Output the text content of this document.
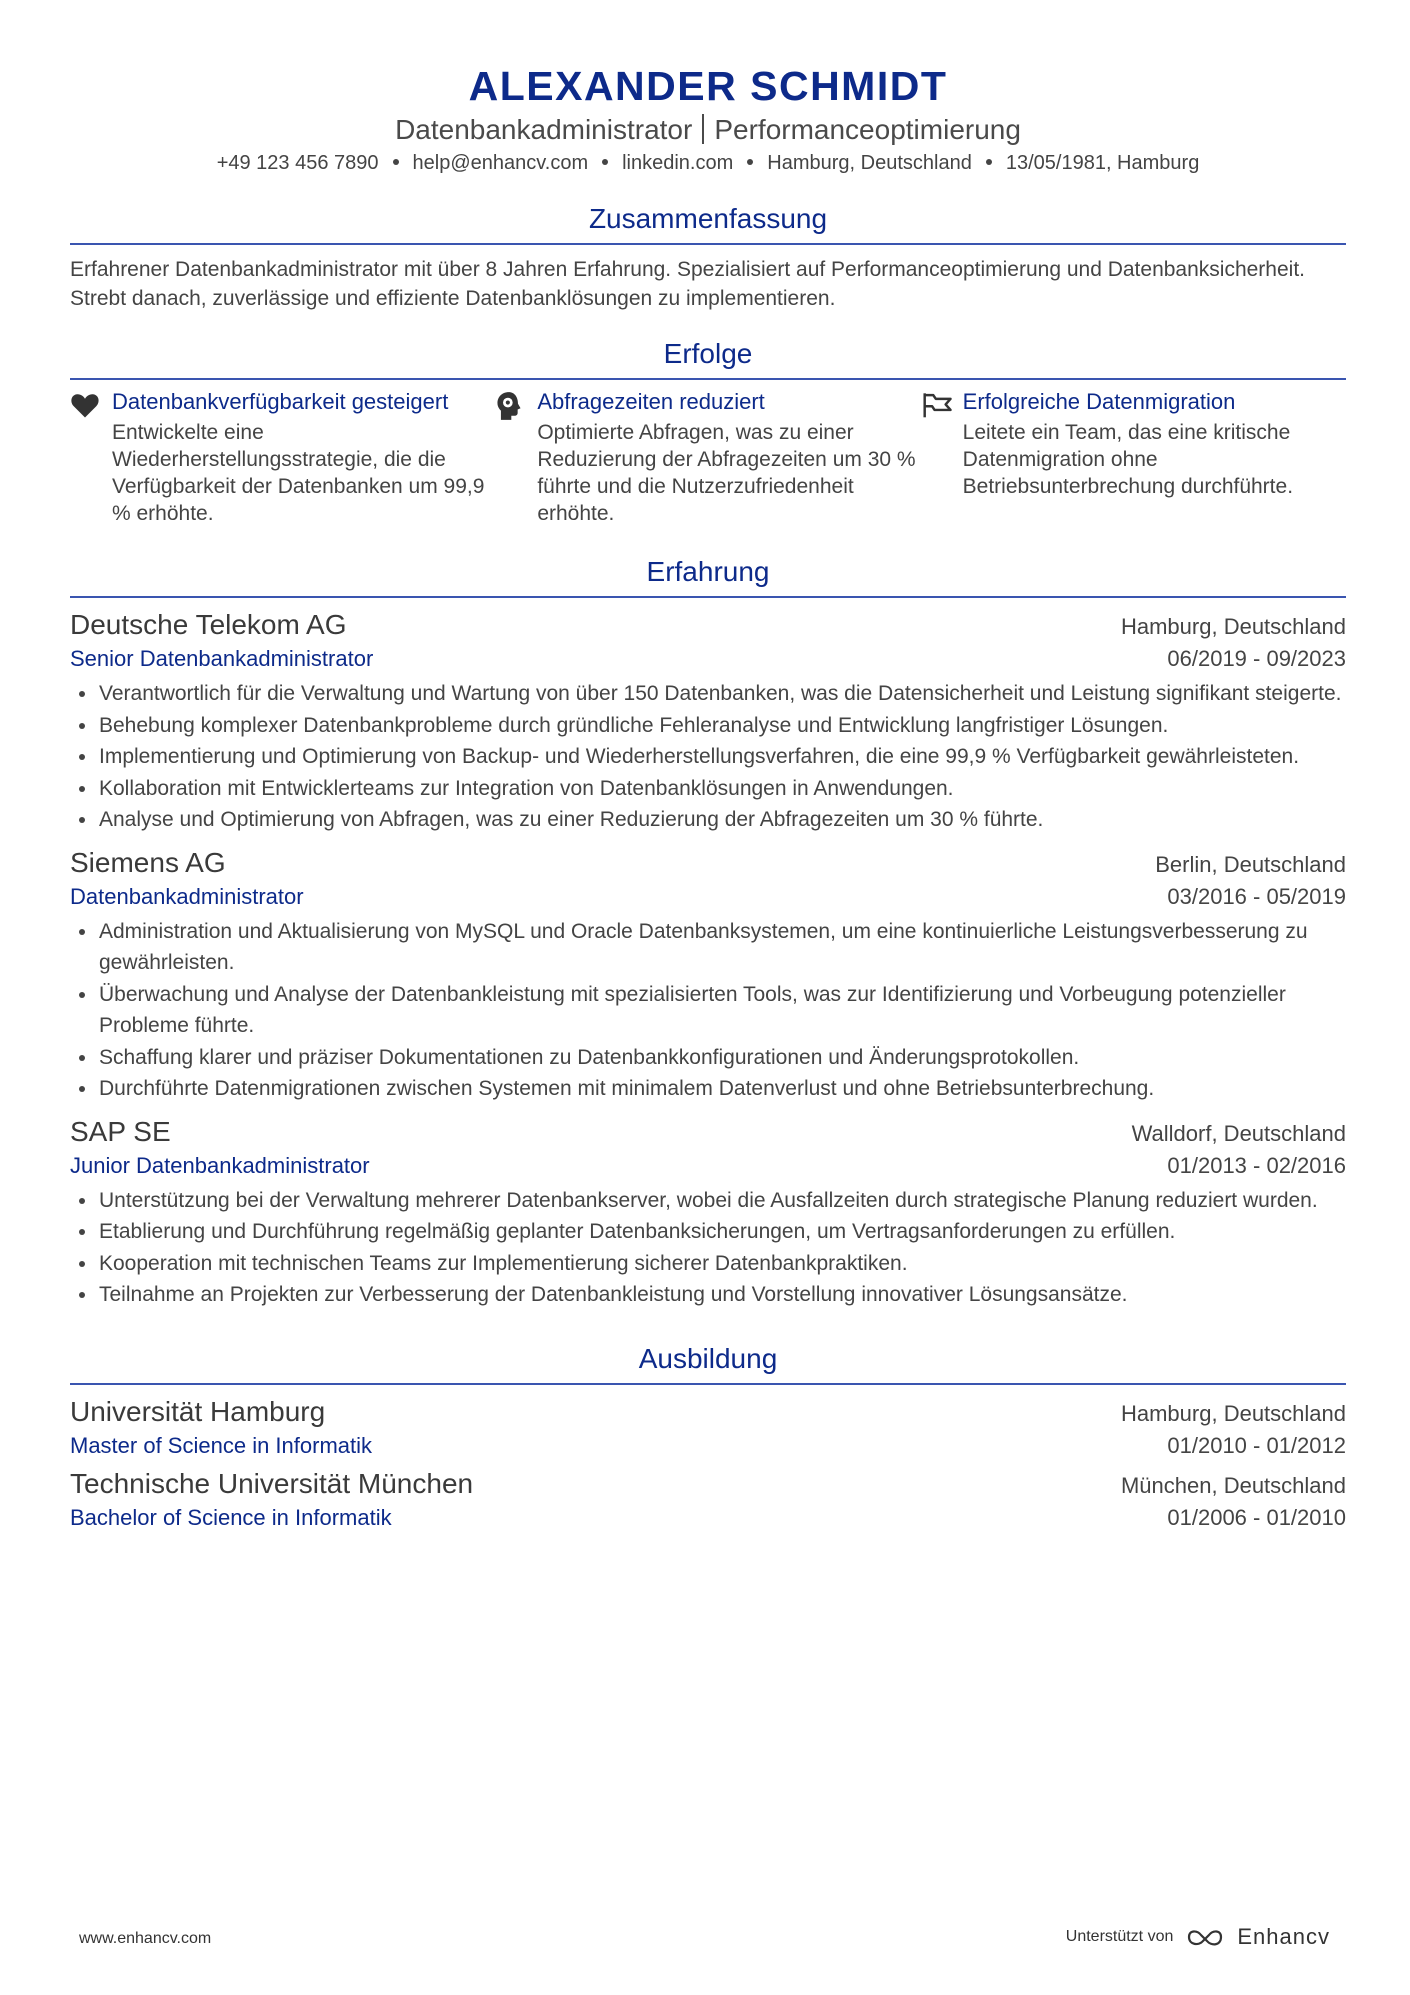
ALEXANDER SCHMIDT
Datenbankadministrator Performanceoptimierung
+49 123 456 7890 help@enhancv.com linkedin.com Hamburg, Deutschland 13/05/1981, Hamburg
Zusammenfassung
Erfahrener Datenbankadministrator mit über 8 Jahren Erfahrung. Spezialisiert auf Performanceoptimierung und Datenbanksicherheit. Strebt danach, zuverlässige und effiziente Datenbanklösungen zu implementieren.
Erfolge
Datenbankverfügbarkeit gesteigert
Entwickelte eine Wiederherstellungsstrategie, die die Verfügbarkeit der Datenbanken um 99,9 % erhöhte.
Abfragezeiten reduziert
Optimierte Abfragen, was zu einer Reduzierung der Abfragezeiten um 30 % führte und die Nutzerzufriedenheit erhöhte.
Erfolgreiche Datenmigration
Leitete ein Team, das eine kritische Datenmigration ohne Betriebsunterbrechung durchführte.
Erfahrung
Deutsche Telekom AG	Hamburg, Deutschland
Senior Datenbankadministrator	06/2019 - 09/2023
Verantwortlich für die Verwaltung und Wartung von über 150 Datenbanken, was die Datensicherheit und Leistung signifikant steigerte.
Behebung komplexer Datenbankprobleme durch gründliche Fehleranalyse und Entwicklung langfristiger Lösungen.
Implementierung und Optimierung von Backup- und Wiederherstellungsverfahren, die eine 99,9 % Verfügbarkeit gewährleisteten.
Kollaboration mit Entwicklerteams zur Integration von Datenbanklösungen in Anwendungen.
Analyse und Optimierung von Abfragen, was zu einer Reduzierung der Abfragezeiten um 30 % führte.
Siemens AG	Berlin, Deutschland
Datenbankadministrator	03/2016 - 05/2019
Administration und Aktualisierung von MySQL und Oracle Datenbanksystemen, um eine kontinuierliche Leistungsverbesserung zu gewährleisten.
Überwachung und Analyse der Datenbankleistung mit spezialisierten Tools, was zur Identifizierung und Vorbeugung potenzieller Probleme führte.
Schaffung klarer und präziser Dokumentationen zu Datenbankkonfigurationen und Änderungsprotokollen.
Durchführte Datenmigrationen zwischen Systemen mit minimalem Datenverlust und ohne Betriebsunterbrechung.
SAP SE	Walldorf, Deutschland
Junior Datenbankadministrator	01/2013 - 02/2016
Unterstützung bei der Verwaltung mehrerer Datenbankserver, wobei die Ausfallzeiten durch strategische Planung reduziert wurden.
Etablierung und Durchführung regelmäßig geplanter Datenbanksicherungen, um Vertragsanforderungen zu erfüllen.
Kooperation mit technischen Teams zur Implementierung sicherer Datenbankpraktiken.
Teilnahme an Projekten zur Verbesserung der Datenbankleistung und Vorstellung innovativer Lösungsansätze.
Ausbildung
Universität Hamburg	Hamburg, Deutschland
Master of Science in Informatik	01/2010 - 01/2012
Technische Universität München	München, Deutschland
Bachelor of Science in Informatik	01/2006 - 01/2010
www.enhancv.com	Unterstützt von	Enhancv
